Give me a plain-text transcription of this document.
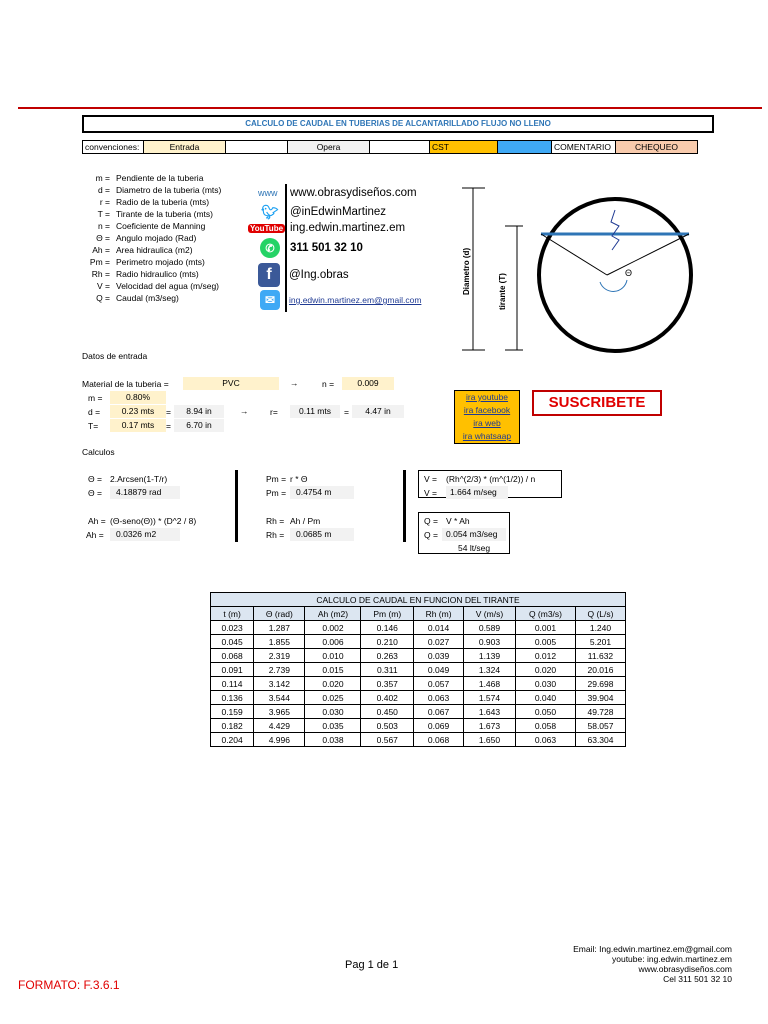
CALCULO DE CAUDAL EN TUBERIAS DE ALCANTARILLADO FLUJO NO LLENO
convenciones:	Entrada	Opera	CST	COMENTARIO	CHEQUEO
m = Pendiente de la tuberia
d = Diametro de la tuberia (mts)
r = Radio de la tuberia (mts)
T = Tirante de la tuberia (mts)
n = Coeficiente de Manning
Θ = Angulo mojado (Rad)
Ah = Area hidraulica (m2)
Pm = Perimetro mojado (mts)
Rh = Radio hidraulico (mts)
V = Velocidad del agua (m/seg)
Q = Caudal (m3/seg)
www	www.obrasydiseños.com
🐦︎ @inEdwinMartinez
YouTube ing.edwin.martinez.em
✆	311 501 32 10
f	@Ing.obras
✉	ing.edwin.martinez.em@gmail.com
Diametro (d)	tirante (T)
Θ
Datos de entrada
Material de la tuberia =	PVC	→	n =	0.009
m =	0.80%
d =	0.23 mts	=	8.94 in	→	r=	0.11 mts	=	4.47 in
T=	0.17 mts	=	6.70 in
ira youtube
ira facebook
ira web
ira whatsaap
SUSCRIBETE
Calculos
Θ = 2.Arcsen(1-T/r)
Θ =	4.18879 rad
Ah = (Θ-seno(Θ)) * (D^2 / 8)
Ah =	0.0326 m2
Pm = r * Θ
Pm =	0.4754 m
Rh = Ah / Pm
Rh =	0.0685 m
V = (Rh^(2/3) * (m^(1/2)) / n
V =	1.664 m/seg
Q = V * Ah
Q = 0.054 m3/seg
54 lt/seg
CALCULO DE CAUDAL EN FUNCION DEL TIRANTE							
t (m)	Θ (rad)	Ah (m2)	Pm (m)	Rh (m)	V (m/s)	Q (m3/s)	Q (L/s)
0.023	1.287	0.002	0.146	0.014	0.589	0.001	1.240
0.045	1.855	0.006	0.210	0.027	0.903	0.005	5.201
0.068	2.319	0.010	0.263	0.039	1.139	0.012	11.632
0.091	2.739	0.015	0.311	0.049	1.324	0.020	20.016
0.114	3.142	0.020	0.357	0.057	1.468	0.030	29.698
0.136	3.544	0.025	0.402	0.063	1.574	0.040	39.904
0.159	3.965	0.030	0.450	0.067	1.643	0.050	49.728
0.182	4.429	0.035	0.503	0.069	1.673	0.058	58.057
0.204	4.996	0.038	0.567	0.068	1.650	0.063	63.304
Pag 1 de 1
FORMATO: F.3.6.1
Email: Ing.edwin.martinez.em@gmail.com
youtube: ing.edwin.martinez.em
www.obrasydiseños.com
Cel 311 501 32 10
